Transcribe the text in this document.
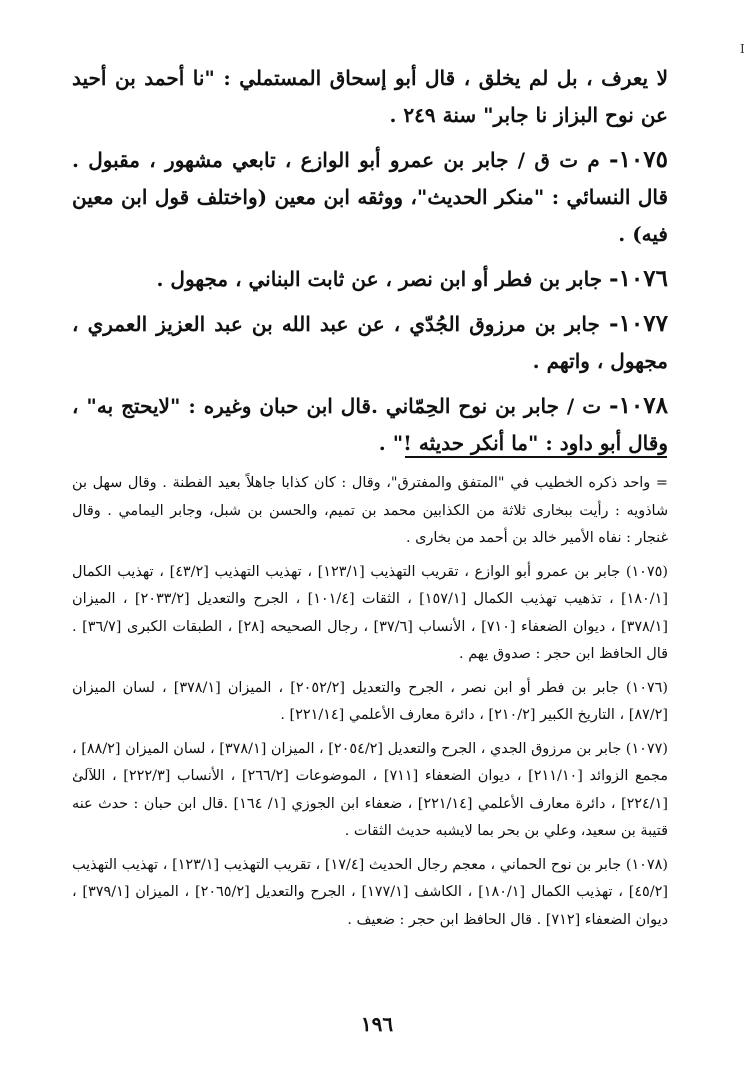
I

لا يعرف ، بل لم يخلق ، قال أبو إسحاق المستملي : "نا أحمد بن أحيد عن نوح البزاز نا جابر" سنة ٢٤٩ .

١٠٧٥- م ت ق / جابر بن عمرو أبو الوازع ، تابعي مشهور ، مقبول . قال النسائي : "منكر الحديث"، ووثقه ابن معين (واختلف قول ابن معين فيه) .

١٠٧٦- جابر بن فطر أو ابن نصر ، عن ثابت البناني ، مجهول .

١٠٧٧- جابر بن مرزوق الجُدّي ، عن عبد الله بن عبد العزيز العمري ، مجهول ، واتهم .

١٠٧٨- ت / جابر بن نوح الحِمّاني .قال ابن حبان وغيره : "لايحتج به" ، وقال أبو داود : "ما أنكر حديثه !" .

= واحد ذكره الخطيب في "المتفق والمفترق"، وقال : كان كذابا جاهلاً بعيد الفطنة . وقال سهل بن شاذويه : رأيت ببخارى ثلاثة من الكذابين محمد بن تميم، والحسن بن شبل، وجابر اليمامي . وقال غنجار : نفاه الأمير خالد بن أحمد من بخارى .

(١٠٧٥) جابر بن عمرو أبو الوازع ، تقريب التهذيب [١٢٣/١] ، تهذيب التهذيب [٤٣/٢] ، تهذيب الكمال [١٨٠/١] ، تذهيب تهذيب الكمال [١٥٧/١] ، الثقات [١٠١/٤] ، الجرح والتعديل [٢٠٣٣/٢] ، الميزان [٣٧٨/١] ، ديوان الضعفاء [٧١٠] ، الأنساب [٣٧/٦] ، رجال الصحيحه [٢٨] ، الطبقات الكبرى [٣٦/٧] . قال الحافظ ابن حجر : صدوق يهم .

(١٠٧٦) جابر بن فطر أو ابن نصر ، الجرح والتعديل [٢٠٥٢/٢] ، الميزان [٣٧٨/١] ، لسان الميزان [٨٧/٢] ، التاريخ الكبير [٢١٠/٢] ، دائرة معارف الأعلمي [٢٢١/١٤] .

(١٠٧٧) جابر بن مرزوق الجدي ، الجرح والتعديل [٢٠٥٤/٢] ، الميزان [٣٧٨/١] ، لسان الميزان [٨٨/٢] ، مجمع الزوائد [٢١١/١٠] ، ديوان الضعفاء [٧١١] ، الموضوعات [٢٦٦/٢] ، الأنساب [٢٢٢/٣] ، اللآلئ [٢٢٤/١] ، دائرة معارف الأعلمي [٢٢١/١٤] ، ضعفاء ابن الجوزي [١/ ١٦٤] .قال ابن حبان : حدث عنه قتيبة بن سعيد، وعلي بن بحر بما لايشبه حديث الثقات .

(١٠٧٨) جابر بن نوح الحماني ، معجم رجال الحديث [١٧/٤] ، تقريب التهذيب [١٢٣/١] ، تهذيب التهذيب [٤٥/٢] ، تهذيب الكمال [١٨٠/١] ، الكاشف [١٧٧/١] ، الجرح والتعديل [٢٠٦٥/٢] ، الميزان [٣٧٩/١] ، ديوان الضعفاء [٧١٢] . قال الحافظ ابن حجر : ضعيف .

١٩٦
